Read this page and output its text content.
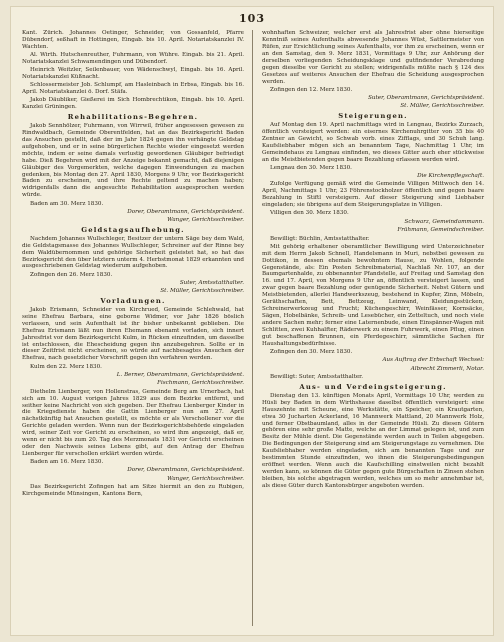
103
Kant. Zürich. Johannes Oetinger, Schneider, von Gossanfeld, Pfarre Dübendorf, seßhaft in Hottingen, Eingab. bis 10. April. Notariatskanzlei IV. Wachten.
Al. Wirth. Hutschenreuther, Fuhrmann, von Wühre. Eingab. bis 21. April. Notariatskanzlei Schwamendingen und Dübendorf.
Heinrich Weitzler, Seilenbauer, von Wädenschwyl, Eingab. bis 16. April. Notariatskanzlei Küßnacht.
Schlossermeister Job. Schlumpf, am Hasleinbach in Erbsa, Eingab. bis 16. April. Notariatskanzlei ö. Dorf. Stäfa.
Jakob Däubliker, Gießerei im Sich Hombrechtikon, Eingab. bis 10. April. Kanzlei Grüningen.
Rehabilitations-Begehren.
Jakob Sennhölzer, Fuhrmann, von Wirrwil, früher angesessen gewesen zu Rindwaldbach, Gemeinde Oberentfelden, hat an das Bezirksgericht Baden das Ansuchen gestellt, daß der im Jahr 1824 gegen ihn verhängte Geldstag aufgehoben, und er in seine bürgerlichen Rechte wieder eingesetzt werden möchte, indem er seine damals verlustig gewordenen Gläubiger befriedigt habe. Dieß Begehren wird mit der Anzeige bekannt gemacht, daß diejenigen Gläubiger des Vorgemerkten, welche dagegen Einwendungen zu machen gedenken, bis Montag den 27. April 1830, Morgens 9 Uhr, vor Bezirksgericht Baden zu erscheinen, und ihre Rechte geltend zu machen haben; widrigenfalls dann die angesuchte Rehabilitation ausgesprochen werden würde.
Baden am 30. Merz 1830.
Dorer, Oberamtmann, Gerichtspräsident.
Wanger, Gerichtsschreiber.
Geldstagsaufhebung.
Nachdem Johannes Wullschleger, Besitzer der untern Säge bey dem Wald, die Geldstagsmasse des Johannes Wullschleger, Schreiner auf der Rinne bey dem Waldübernommen und gehörige Sicherheit geleistet hat, so hat das Bezirksgericht den über letztern unterm 4. Herbstmonat 1829 erkannten und ausgeschriebenen Geldstag wiederum aufgehoben.
Zofingen den 26. Merz 1830.
Suter, Amtsstatthalter.
St. Müller, Gerichtsschreiber.
Vorladungen.
Jakob Erismann, Schneider von Kirchrued, Gemeinde Schlehwald, hat seine Ehefrau Barbara, eine geborne Widmer, vor Jahr 1826 böslich verlassen, und sein Aufenthalt ist ihr bisher unbekannt geblieben. Die Ehefrau Erismann läßt nun ihren Ehemann ebenamt vorladen, sich innert Jahresfrist vor dem Bezirksgericht Kulm, in Rücken einzufinden, um dasselbe ist entschlossen, die Ehescheidung gegen ihn anzubegehren. Sollte er in dieser Zeitfrist nicht erscheinen, so würde auf nachbesagtes Ansuchen der Ehefrau, nach gesetzlicher Vorschrift gegen ihn verfahren werden.
Kulm den 22. Merz 1830.
L. Berner, Oberamtmann, Gerichtspräsident.
Fischmann, Gerichtsschreiber.
Diethelm Lienberger, von Hollenstras, Gemeinde Berg am Urnerbach, hat sich am 10. August vorigen Jahres 1829 aus dem Bezirke entfernt, und seither keine Nachricht von sich gegeben. Der Ehefrau Lienberger Kinder in die Kriegsdienste haben die Gattin Lienberger nun am 27. April nächstkünftig hat Ansuchen gestellt, es möchte er als Verschollener vor die Gerichte geladen werden. Wenn nun der Bezirksgerichtsbehörde eingeladen wird, seiner Zeit vor Gericht zu erscheinen, so wird ihm angezeigt, daß er, wenn er nicht bis zum 20. Tag des Merzmonats 1831 vor Gericht erscheinen oder den Nachweis seines Lebens gibt, auf den Antrag der Ehefrau Lienberger für verschollen erklärt werden würde.
Baden am 16. Merz 1830.
Dorer, Oberamtmann, Gerichtspräsident.
Wanger, Gerichtsschreiber.
Das Bezirksgericht Zofingen hat am Sitze hiermit an den zu Rubigen, Kirchgemeinde Münsingen, Kantons Bern,
wohnhaften Schweizer, welcher erst als Jahresfrist aber ohne hierseitige Kenntniß seines Aufenthalts abwesende Johannes Wüst, Sattlermeister von Rüfen, zur Ersichtlichung seines Aufenthalts, vor ihm zu erscheinen, wenn er an den Samstag, den 9. Merz 1831, Vormittags 9 Uhr, zur Anhörung der derselben vorliegenden Scheidungsklage und gutfindender Verabredung gegen dieselbe vor Gericht zu stellen; widrigenfalls müßte nach § 124 des Gesetzes auf weiteres Ansuchen der Ehefrau die Scheidung ausgesprochen werden.
Zofingen den 12. Merz 1830.
Suter, Oberamtmann, Gerichtspräsident.
St. Müller, Gerichtsschreiber.
Steigerungen.
Auf Montag den 19. April nachmittags wird in Lengnau, Bezirks Zurzach, öffentlich versteigert werden: ein eisernes Kirchenuhrgitter von 35 bis 40 Zentner an Gewicht, so Schwab vorb. eines Zifflags, und 30 Schuh lang. Kaufsliebhaber mögen sich an benanntem Tage, Nachmittag 1 Uhr, im Gemeindehaus zu Lengnau einfinden, wo dieses Gitter auch eher stückweise an die Meistbietenden gegen baare Bezahlung erlassen werden wird.
Lengnau den 30. Merz 1830.
Die Kirchenpflegschaft.
Zufolge Verfügung gemäß wird die Gemeinde Villigen Mittwoch den 14. April, Nachmittags 1 Uhr, 23 Föhrenstockholzer öffentlich und gegen baare Bezahlung in Stiftl versteigern. Auf dieser Steigerung sind Liebhaber eingeladen; sie übrigens auf dem Steigerungsplatze in Villigen.
Villigen den 30. Merz 1830.
Schwarz, Gemeindammann.
Frühmann, Gemeindschreiber.
Bewilligt: Büchlin, Amtsstatthalter.
Mit gehörig erhaltener oberamtlicher Bewilligung wird Unterzeichneter mit dem Herrn Jakob Schnell, Handelsmann in Muri, nebstbei gewesen zu Dottikon, in dessen ehemals bewohntem Hause, zu Wohlen, folgende Gegenstände, als: Ein Posten Schreibmaterial, Nachlaß Nr. 107, an der Baumgartenhalde, zu obbenannter Pfandstelle, auf Freitag und Samstag den 16. und 17. April, von Morgens 9 Uhr an, öffentlich versteigert lassen, und zwar gegen baare Bezahlung oder genügende Sicherheit. Nebst Gütern und Meistbietenden, allerlei Handwerkszeug, bestehend in Kupfer, Zinn, Möbeln, Geräthschaften, Bett, Bettzeug, Leinwand, Kleidungsstücken, Schreinerwerkzeug und Frucht; Küchengeschirr, Weinfässer, Kornsäcke, Sägen, Hobelbänke, Schreib- und Lesebücher, ein Zetteltuch, und noch viele andere Sachen mehr; ferner eine Laternenbude, einen Einspänner-Wagen mit Schlitten, zwei Kuhhalfter, Räderwerk zu einem Fuhrwerk, einen Pflug, einen gut beschaffenen Brunnen, ein Pferdegeschirr, sämmtliche Sachen für Haushaltungsbedürfnisse.
Zofingen den 30. Merz 1830.
Aus Auftrag der Erbschaft Wechsel:
Albrecht Zimmerli, Notar.
Bewilligt: Suter, Amtsstatthalter.
Aus- und Verdeingsteigerung.
Dienstag den 13. künftigen Monats April, Vormittags 10 Uhr, werden zu Hüsli bey Baden in dem Wirthshause daselbst öffentlich versteigert: eine Hauszehnte mit Scheune, eine Werkstätte, ein Speicher, ein Krautgarten, etwa 30 Jucharten Ackerland, 16 Mannwerk Mattland, 20 Mannwerk Holz, und ferner Obstbaumland, alles in der Gemeinde Hüsli. Zu diesen Gütern gehören eine sehr große Matte, welche an der Limmat gelegen ist, und zum Besitz der Mühle dient. Die Gegenstände werden auch in Teilen abgegeben. Die Bedingungen der Steigerung sind am Steigerungstage zu vernehmen. Die Kaufsliebhaber werden eingeladen, sich am benannten Tage und zur bestimmten Stunde einzufinden, wo ihnen die Steigerungsbedingungen eröffnet werden. Wenn auch die Kaufschilling einstweilen nicht bezahlt werden kann, so können die Güter gegen gute Bürgschaften in Zinsen stehen bleiben, bis solche abgetragen werden, welches um so mehr annehmbar ist, als diese Güter durch Kantonsbürger angeboten werden.
